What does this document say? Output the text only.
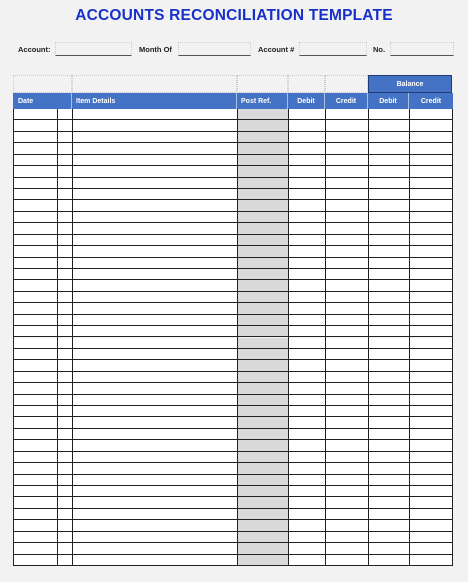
ACCOUNTS RECONCILIATION TEMPLATE
Account:	Month Of	Account #	No.
Balance
Date	Item Details	Post Ref.	Debit	Credit	Debit	Credit
